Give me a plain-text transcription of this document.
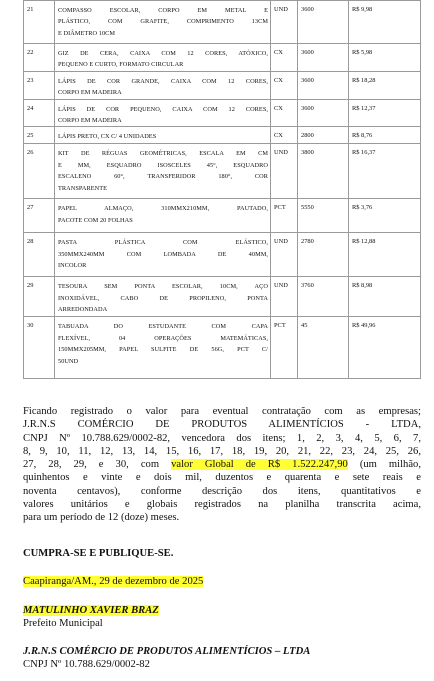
21	COMPASSO ESCOLAR, CORPO EM METAL E
PLÁSTICO, COM GRAFITE, COMPRIMENTO 13CM
E DIÂMETRO 10CM	UND	3600	R$ 9,98
22	GIZ DE CERA, CAIXA COM 12 CORES, ATÓXICO,
PEQUENO E CURTO, FORMATO CIRCULAR	CX	3600	R$ 5,98
23	LÁPIS DE COR GRANDE, CAIXA COM 12 CORES,
CORPO EM MADEIRA	CX	3600	R$ 18,28
24	LÁPIS DE COR PEQUENO, CAIXA COM 12 CORES,
CORPO EM MADEIRA	CX	3600	R$ 12,37
25	LÁPIS PRETO, CX C/ 4 UNIDADES	CX	2800	R$ 8,76
26	KIT DE RÉGUAS GEOMÉTRICAS, ESCALA EM CM
E MM, ESQUADRO ISOSCELES 45°, ESQUADRO
ESCALENO 60°, TRANSFERIDOR 180°, COR
TRANSPARENTE	UND	3800	R$ 16,37
27	PAPEL ALMAÇO, 310MMX210MM, PAUTADO,
PACOTE COM 20 FOLHAS	PCT	5550	R$ 3,76
28	PASTA PLÁSTICA COM ELÁSTICO,
350MMX240MM COM LOMBADA DE 40MM,
INCOLOR	UND	2780	R$ 12,88
29	TESOURA SEM PONTA ESCOLAR, 10CM, AÇO
INOXIDÁVEL, CABO DE PROPILENO, PONTA
ARREDONDADA	UND	3760	R$ 8,98
30	TABUADA DO ESTUDANTE COM CAPA
FLEXÍVEL, 04 OPERAÇÕES MATEMÁTICAS,
150MMX205MM, PAPEL SULFITE DE 56G, PCT C/
50UND	PCT	45	R$ 49,96
Ficando registrado o valor para eventual contratação com as empresas;
J.R.N.S COMÉRCIO DE PRODUTOS ALIMENTÍCIOS - LTDA,
CNPJ Nº 10.788.629/0002-82, vencedora dos itens; 1, 2, 3, 4, 5, 6, 7,
8, 9, 10, 11, 12, 13, 14, 15, 16, 17, 18, 19, 20, 21, 22, 23, 24, 25, 26,
27, 28, 29, e 30, com valor Global de R$ 1.522.247,90 (um milhão,
quinhentos e vinte e dois mil, duzentos e quarenta e sete reais e
noventa centavos), conforme descrição dos itens, quantitativos e
valores unitários e globais registrados na planilha transcrita acima,
para um período de 12 (doze) meses.
CUMPRA-SE E PUBLIQUE-SE.
Caapiranga/AM., 29 de dezembro de 2025
MATULINHO XAVIER BRAZ
Prefeito Municipal
J.R.N.S COMÉRCIO DE PRODUTOS ALIMENTÍCIOS – LTDA
CNPJ Nº 10.788.629/0002-82
